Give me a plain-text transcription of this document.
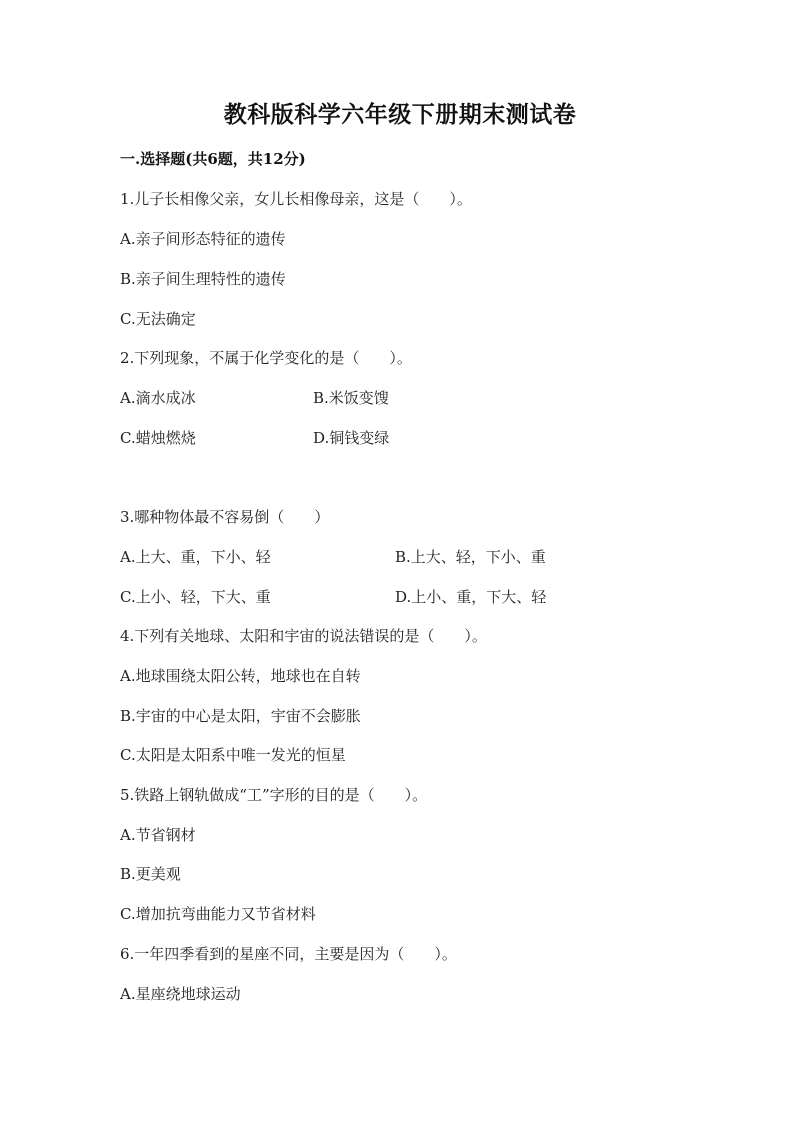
教科版科学六年级下册期末测试卷
一.选择题(共6题，共12分)
1.儿子长相像父亲，女儿长相像母亲，这是（　　）。
A.亲子间形态特征的遗传
B.亲子间生理特性的遗传
C.无法确定
2.下列现象，不属于化学变化的是（　　）。
A.滴水成冰	B.米饭变馊
C.蜡烛燃烧	D.铜钱变绿
3.哪种物体最不容易倒（　　）
A.上大、重，下小、轻	B.上大、轻，下小、重
C.上小、轻，下大、重	D.上小、重，下大、轻
4.下列有关地球、太阳和宇宙的说法错误的是（　　）。
A.地球围绕太阳公转，地球也在自转
B.宇宙的中心是太阳，宇宙不会膨胀
C.太阳是太阳系中唯一发光的恒星
5.铁路上钢轨做成“工”字形的目的是（　　）。
A.节省钢材
B.更美观
C.增加抗弯曲能力又节省材料
6.一年四季看到的星座不同，主要是因为（　　）。
A.星座绕地球运动
